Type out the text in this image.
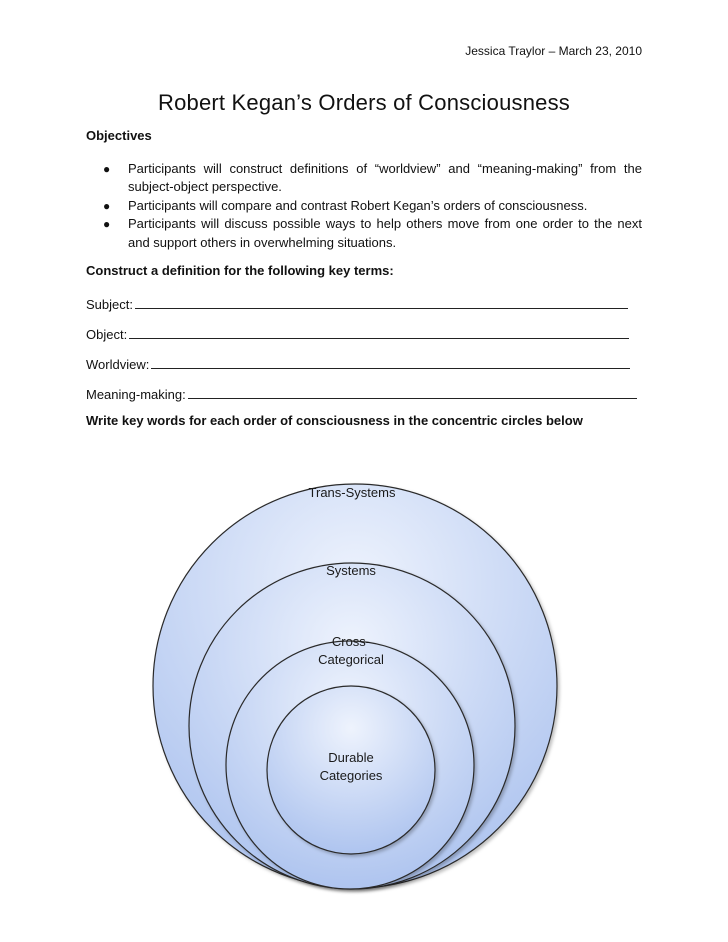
Jessica Traylor – March 23, 2010
Robert Kegan’s Orders of Consciousness
Objectives
● Participants will construct definitions of “worldview” and “meaning-making” from the subject-object perspective.
● Participants will compare and contrast Robert Kegan’s orders of consciousness.
● Participants will discuss possible ways to help others move from one order to the next and support others in overwhelming situations.
Construct a definition for the following key terms:
Subject:
Object:
Worldview:
Meaning-making:
Write key words for each order of consciousness in the concentric circles below
Trans-Systems
Systems
Cross-
Categorical
Durable
Categories
